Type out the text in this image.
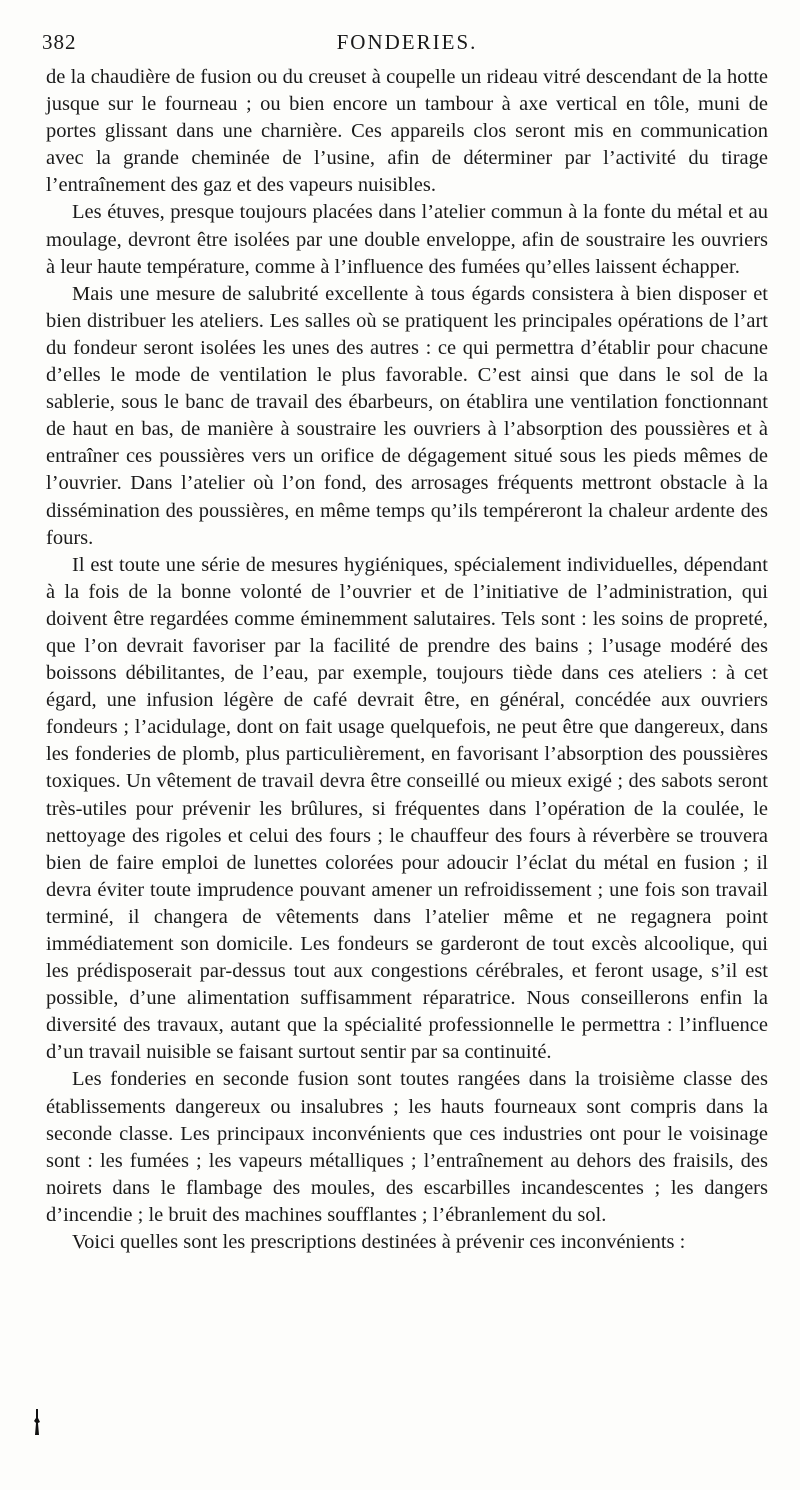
382	FONDERIES.

de la chaudière de fusion ou du creuset à coupelle un rideau vitré descendant de la hotte jusque sur le fourneau ; ou bien encore un tambour à axe vertical en tôle, muni de portes glissant dans une charnière. Ces appareils clos seront mis en communication avec la grande cheminée de l’usine, afin de déterminer par l’activité du tirage l’entraînement des gaz et des vapeurs nuisibles.

Les étuves, presque toujours placées dans l’atelier commun à la fonte du métal et au moulage, devront être isolées par une double enveloppe, afin de soustraire les ouvriers à leur haute température, comme à l’influence des fumées qu’elles laissent échapper.

Mais une mesure de salubrité excellente à tous égards consistera à bien disposer et bien distribuer les ateliers. Les salles où se pratiquent les principales opérations de l’art du fondeur seront isolées les unes des autres : ce qui permettra d’établir pour chacune d’elles le mode de ventilation le plus favorable. C’est ainsi que dans le sol de la sablerie, sous le banc de travail des ébarbeurs, on établira une ventilation fonctionnant de haut en bas, de manière à soustraire les ouvriers à l’absorption des poussières et à entraîner ces poussières vers un orifice de dégagement situé sous les pieds mêmes de l’ouvrier. Dans l’atelier où l’on fond, des arrosages fréquents mettront obstacle à la dissémination des poussières, en même temps qu’ils tempéreront la chaleur ardente des fours.

Il est toute une série de mesures hygiéniques, spécialement individuelles, dépendant à la fois de la bonne volonté de l’ouvrier et de l’initiative de l’administration, qui doivent être regardées comme éminemment salutaires. Tels sont : les soins de propreté, que l’on devrait favoriser par la facilité de prendre des bains ; l’usage modéré des boissons débilitantes, de l’eau, par exemple, toujours tiède dans ces ateliers : à cet égard, une infusion légère de café devrait être, en général, concédée aux ouvriers fondeurs ; l’acidulage, dont on fait usage quelquefois, ne peut être que dangereux, dans les fonderies de plomb, plus particulièrement, en favorisant l’absorption des poussières toxiques. Un vêtement de travail devra être conseillé ou mieux exigé ; des sabots seront très-utiles pour prévenir les brûlures, si fréquentes dans l’opération de la coulée, le nettoyage des rigoles et celui des fours ; le chauffeur des fours à réverbère se trouvera bien de faire emploi de lunettes colorées pour adoucir l’éclat du métal en fusion ; il devra éviter toute imprudence pouvant amener un refroidissement ; une fois son travail terminé, il changera de vêtements dans l’atelier même et ne regagnera point immédiatement son domicile. Les fondeurs se garderont de tout excès alcoolique, qui les prédisposerait par-dessus tout aux congestions cérébrales, et feront usage, s’il est possible, d’une alimentation suffisamment réparatrice. Nous conseillerons enfin la diversité des travaux, autant que la spécialité professionnelle le permettra : l’influence d’un travail nuisible se faisant surtout sentir par sa continuité.

Les fonderies en seconde fusion sont toutes rangées dans la troisième classe des établissements dangereux ou insalubres ; les hauts fourneaux sont compris dans la seconde classe. Les principaux inconvénients que ces industries ont pour le voisinage sont : les fumées ; les vapeurs métalliques ; l’entraînement au dehors des fraisils, des noirets dans le flambage des moules, des escarbilles incandescentes ; les dangers d’incendie ; le bruit des machines soufflantes ; l’ébranlement du sol.

Voici quelles sont les prescriptions destinées à prévenir ces inconvénients :
